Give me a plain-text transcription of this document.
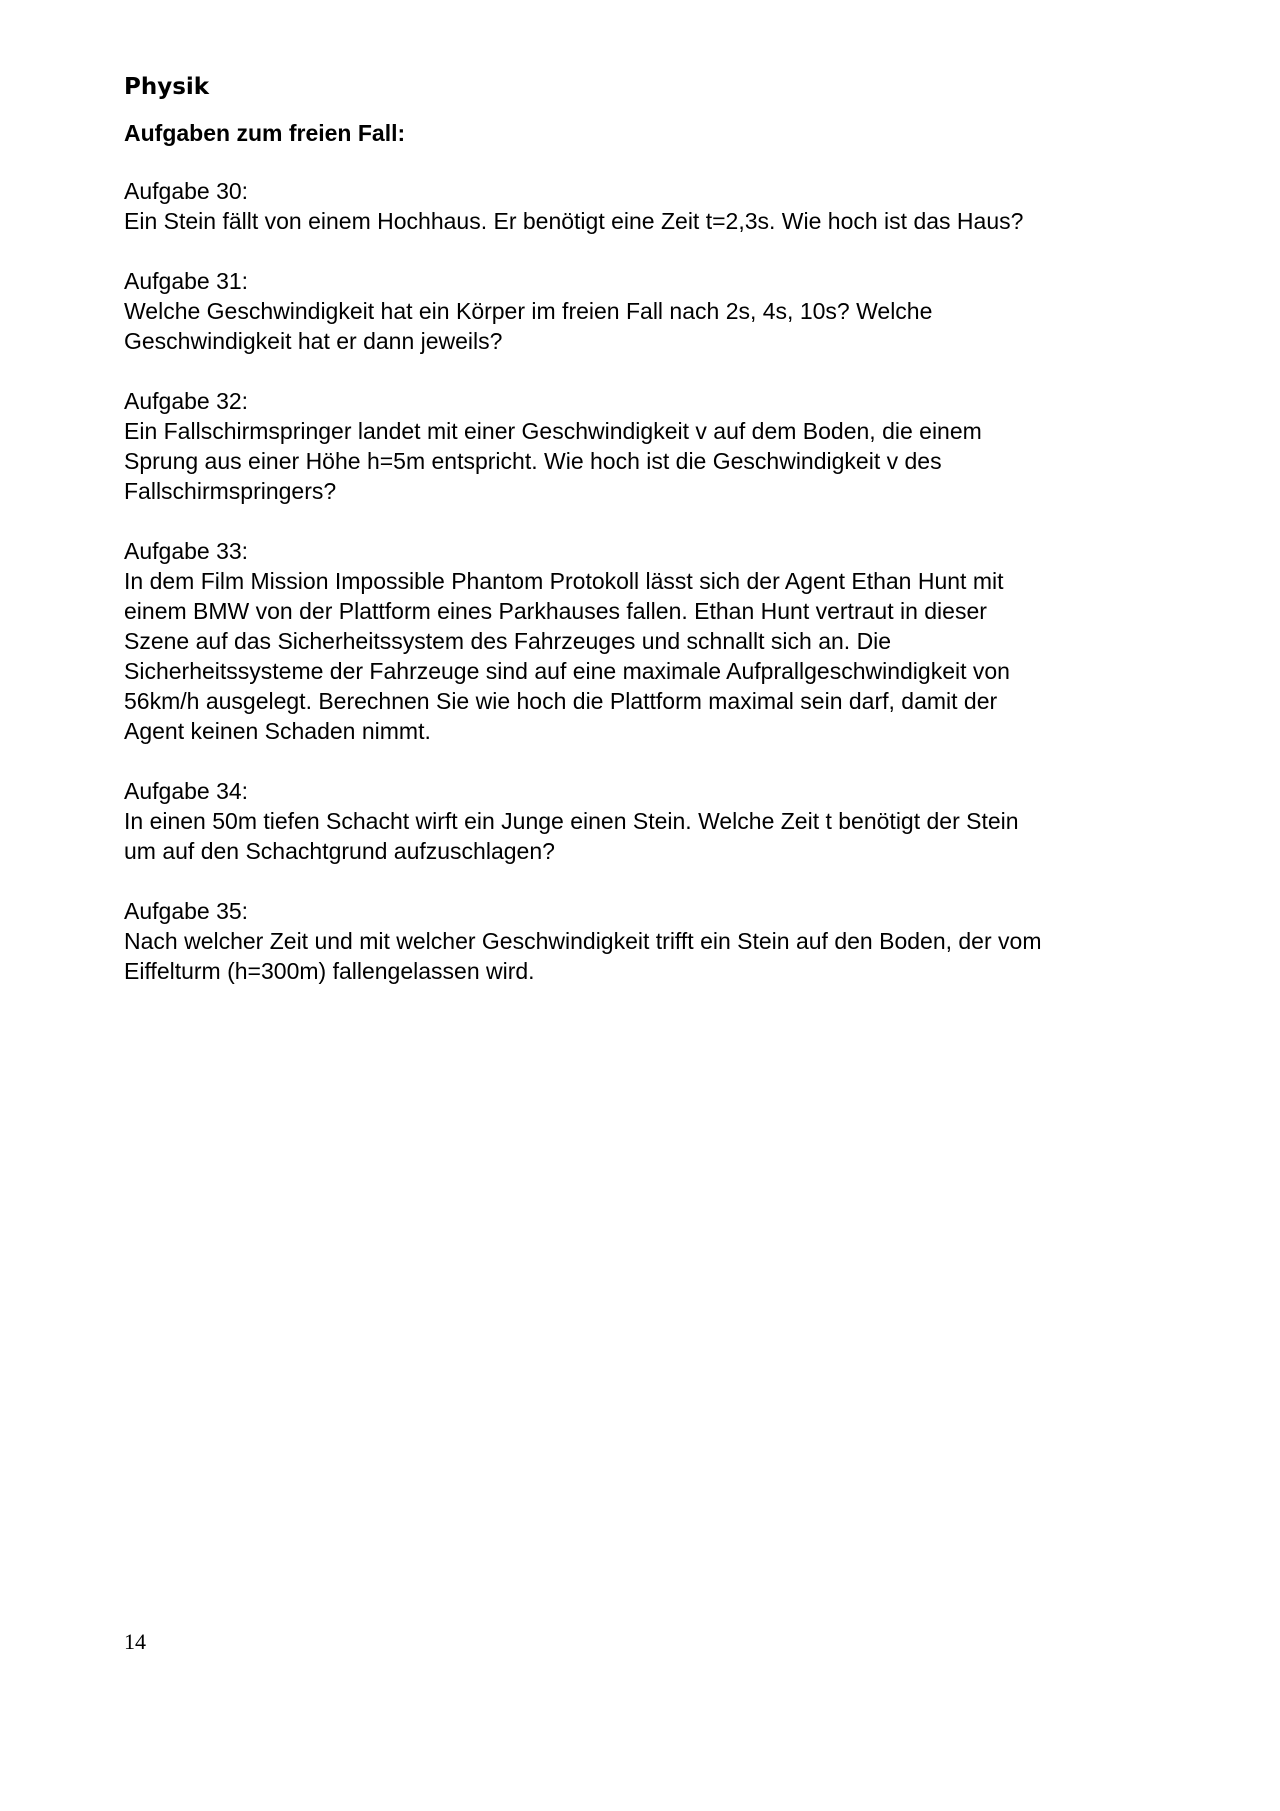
Physik
Aufgaben zum freien Fall:
Aufgabe 30:
Ein Stein fällt von einem Hochhaus. Er benötigt eine Zeit t=2,3s. Wie hoch ist das Haus?
Aufgabe 31:
Welche Geschwindigkeit hat ein Körper im freien Fall nach 2s, 4s, 10s? Welche
Geschwindigkeit hat er dann jeweils?
Aufgabe 32:
Ein Fallschirmspringer landet mit einer Geschwindigkeit v auf dem Boden, die einem
Sprung aus einer Höhe h=5m entspricht. Wie hoch ist die Geschwindigkeit v des
Fallschirmspringers?
Aufgabe 33:
In dem Film Mission Impossible Phantom Protokoll lässt sich der Agent Ethan Hunt mit
einem BMW von der Plattform eines Parkhauses fallen. Ethan Hunt vertraut in dieser
Szene auf das Sicherheitssystem des Fahrzeuges und schnallt sich an. Die
Sicherheitssysteme der Fahrzeuge sind auf eine maximale Aufprallgeschwindigkeit von
56km/h ausgelegt. Berechnen Sie wie hoch die Plattform maximal sein darf, damit der
Agent keinen Schaden nimmt.
Aufgabe 34:
In einen 50m tiefen Schacht wirft ein Junge einen Stein. Welche Zeit t benötigt der Stein
um auf den Schachtgrund aufzuschlagen?
Aufgabe 35:
Nach welcher Zeit und mit welcher Geschwindigkeit trifft ein Stein auf den Boden, der vom
Eiffelturm (h=300m) fallengelassen wird.
14
